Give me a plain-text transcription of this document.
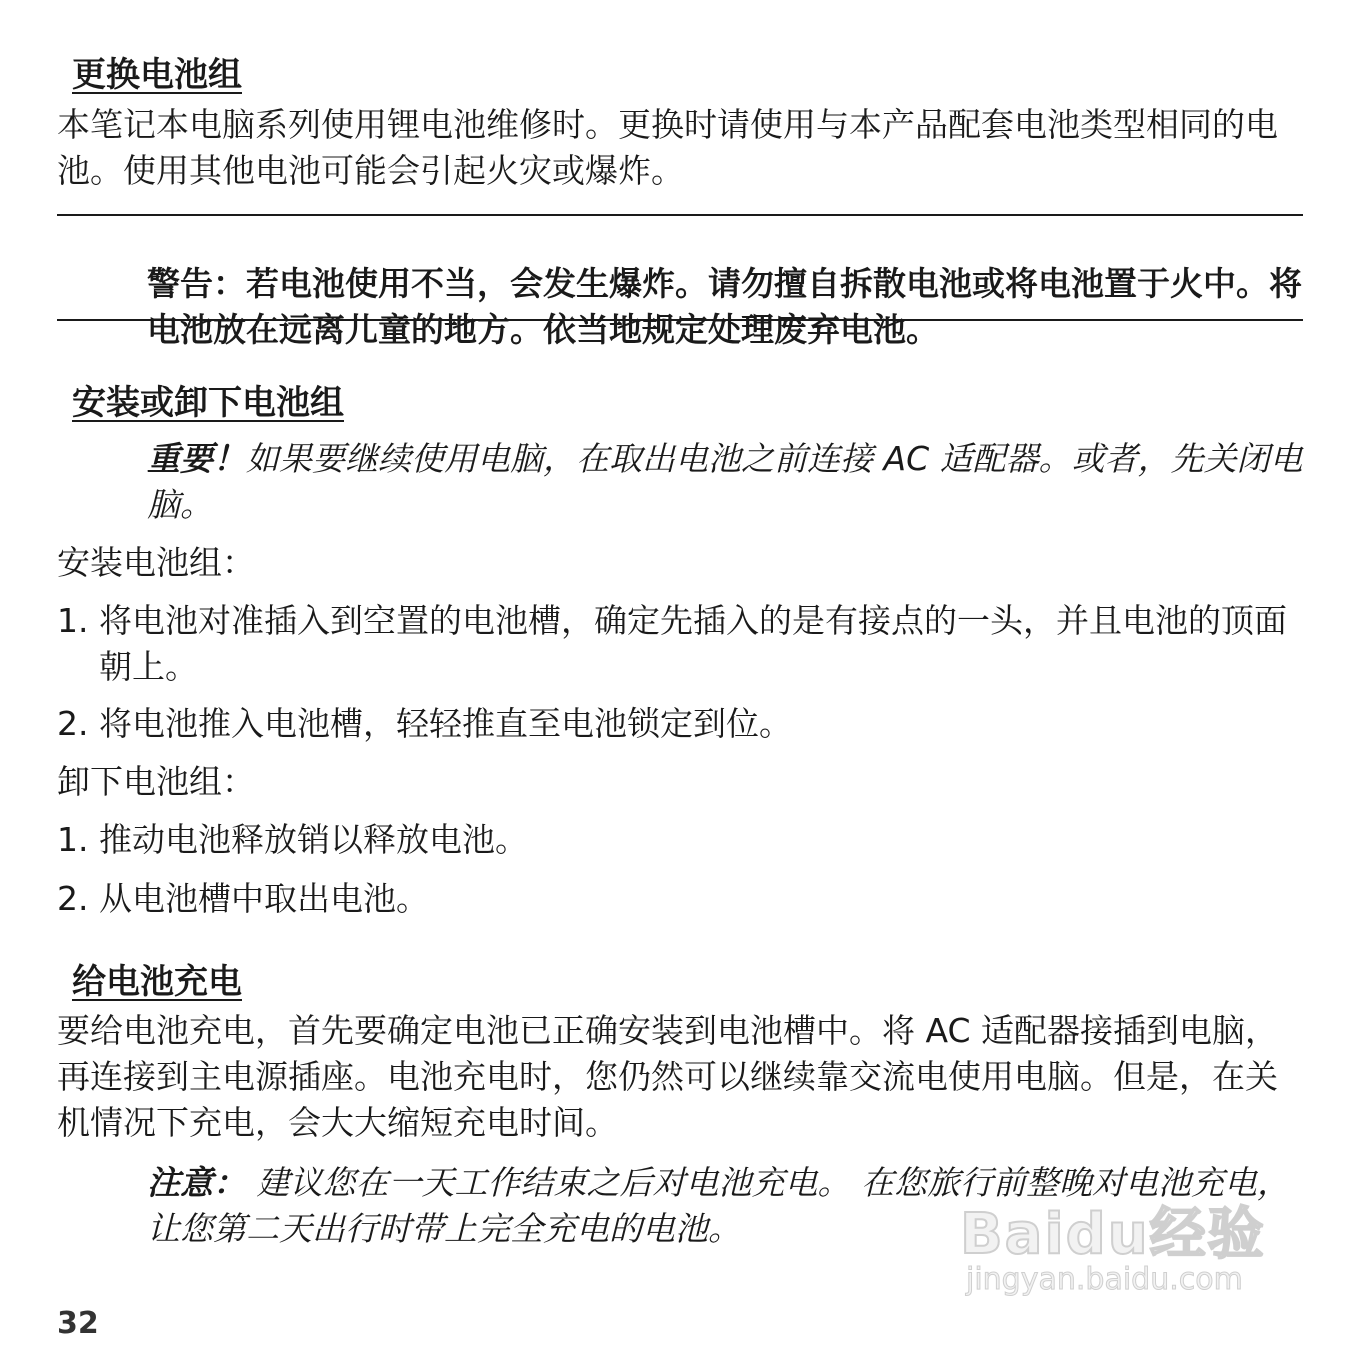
更换电池组

本笔记本电脑系列使用锂电池维修时。更换时请使用与本产品配套电池类型相同的电池。使用其他电池可能会引起火灾或爆炸。

警告：若电池使用不当，会发生爆炸。请勿擅自拆散电池或将电池置于火中。将电池放在远离儿童的地方。依当地规定处理废弃电池。

安装或卸下电池组

重要！如果要继续使用电脑，在取出电池之前连接 AC 适配器。或者，先关闭电脑。

安装电池组：

1. 将电池对准插入到空置的电池槽，确定先插入的是有接点的一头，并且电池的顶面朝上。
2. 将电池推入电池槽，轻轻推直至电池锁定到位。

卸下电池组：

1. 推动电池释放销以释放电池。
2. 从电池槽中取出电池。
给电池充电

要给电池充电，首先要确定电池已正确安装到电池槽中。将 AC 适配器接插到电脑，再连接到主电源插座。电池充电时，您仍然可以继续靠交流电使用电脑。但是，在关机情况下充电，会大大缩短充电时间。

注意： 建议您在一天工作结束之后对电池充电。 在您旅行前整晚对电池充电，让您第二天出行时带上完全充电的电池。

32
Baidu经验
jingyan.baidu.com
